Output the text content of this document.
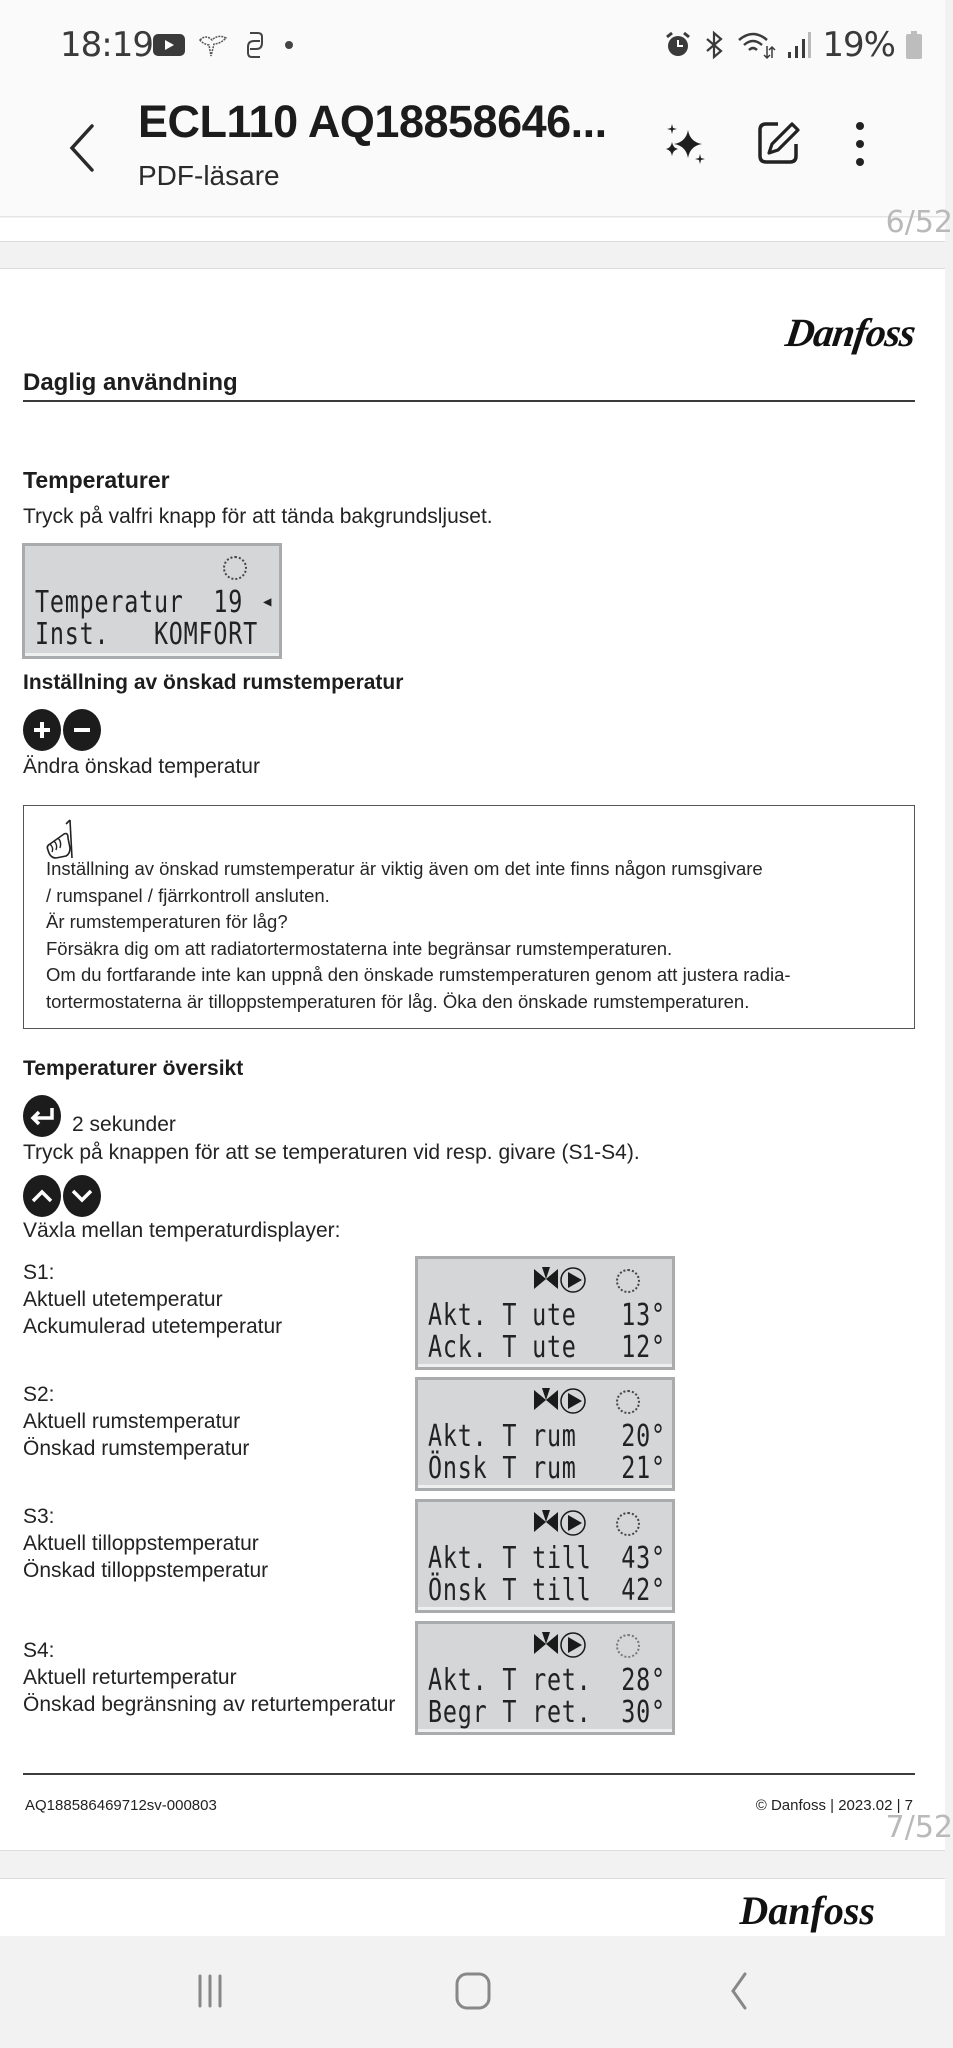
18:19	19%
ECL110 AQ18858646...
PDF-läsare
6/52
Danfoss
Daglig användning
Temperaturer
Tryck på valfri knapp för att tända bakgrundsljuset.
Temperatur  19 ◀
Inst.   KOMFORT
Inställning av önskad rumstemperatur
Ändra önskad temperatur
Inställning av önskad rumstemperatur är viktig även om det inte finns någon rumsgivare
/ rumspanel / fjärrkontroll ansluten.
Är rumstemperaturen för låg?
Försäkra dig om att radiatortermostaterna inte begränsar rumstemperaturen.
Om du fortfarande inte kan uppnå den önskade rumstemperaturen genom att justera radia-
tortermostaterna är tilloppstemperaturen för låg. Öka den önskade rumstemperaturen.
Temperaturer översikt
2 sekunder
Tryck på knappen för att se temperaturen vid resp. givare (S1-S4).
Växla mellan temperaturdisplayer:
S1:
Aktuell utetemperatur
Ackumulerad utetemperatur	Akt. T ute   13°
Ack. T ute   12°
S2:
Aktuell rumstemperatur
Önskad rumstemperatur	Akt. T rum   20°
Önsk T rum   21°
S3:
Aktuell tilloppstemperatur
Önskad tilloppstemperatur	Akt. T till  43°
Önsk T till  42°
S4:
Aktuell returtemperatur
Önskad begränsning av returtemperatur
Akt. T ret.  28°
Begr T ret.  30°
AQ188586469712sv-000803	© Danfoss | 2023.02 | 7
7/52
Danfoss
